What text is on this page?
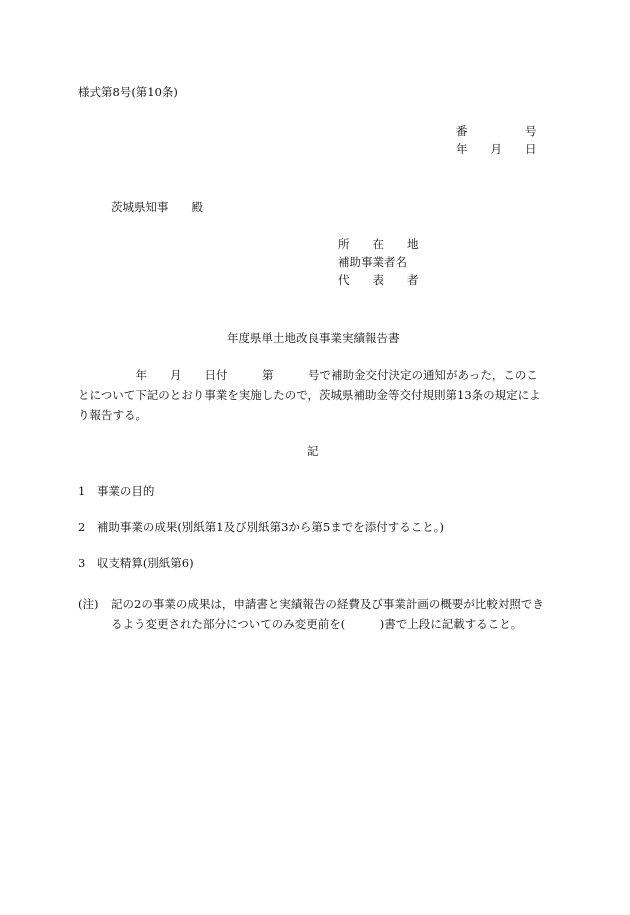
様式第8号(第10条)
番　　　　　号
年　　月　　日
茨城県知事　　殿
所　　在　　地
補助事業者名
代　　表　　者
年度県単土地改良事業実績報告書
　　　　　年　　月　　日付　　　第　　　号で補助金交付決定の通知があった，このこ
とについて下記のとおり事業を実施したので，茨城県補助金等交付規則第13条の規定によ
り報告する。
記
1　事業の目的
2　補助事業の成果(別紙第1及び別紙第3から第5までを添付すること。)
3　収支精算(別紙第6)
(注)	記の2の事業の成果は，申請書と実績報告の経費及び事業計画の概要が比較対照でき
るよう変更された部分についてのみ変更前を(　　　)書で上段に記載すること。
